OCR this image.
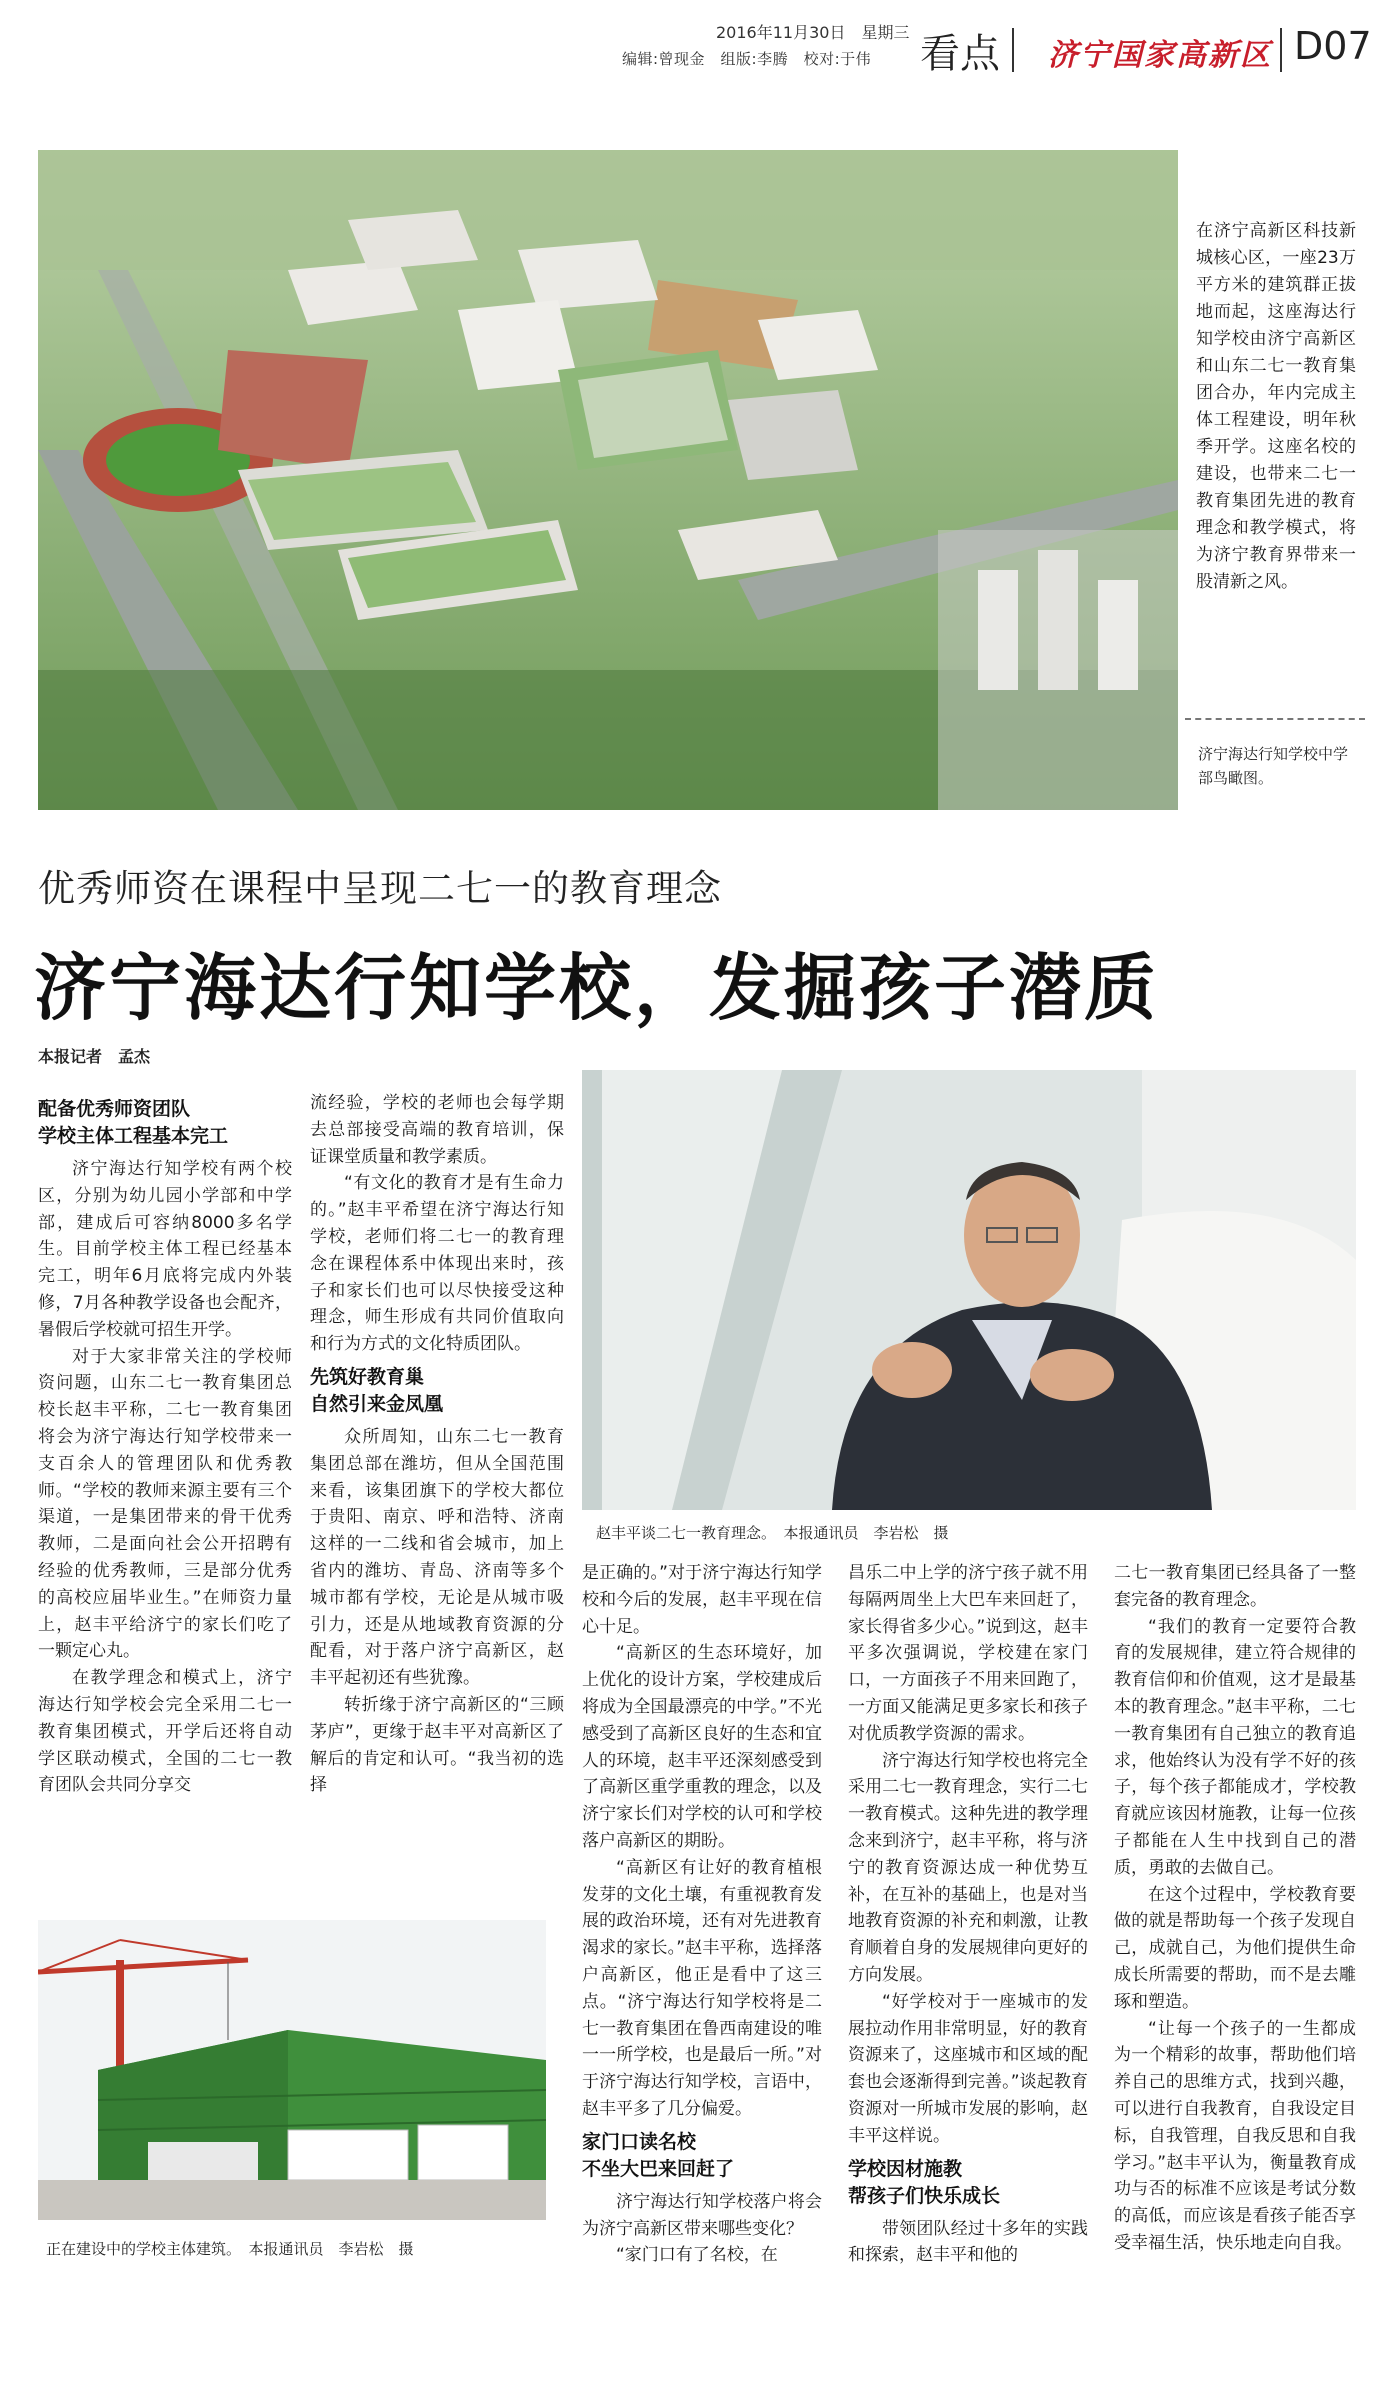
2016年11月30日　星期三
编辑:曾现金　组版:李腾　校对:于伟 看点 济宁国家高新区 D07
在济宁高新区科技新城核心区，一座23万平方米的建筑群正拔地而起，这座海达行知学校由济宁高新区和山东二七一教育集团合办，年内完成主体工程建设，明年秋季开学。这座名校的建设，也带来二七一教育集团先进的教育理念和教学模式，将为济宁教育界带来一股清新之风。
济宁海达行知学校中学部鸟瞰图。
优秀师资在课程中呈现二七一的教育理念
济宁海达行知学校，发掘孩子潜质
本报记者　孟杰
配备优秀师资团队
学校主体工程基本完工

济宁海达行知学校有两个校区，分别为幼儿园小学部和中学部，建成后可容纳8000多名学生。目前学校主体工程已经基本完工，明年6月底将完成内外装修，7月各种教学设备也会配齐，暑假后学校就可招生开学。

对于大家非常关注的学校师资问题，山东二七一教育集团总校长赵丰平称，二七一教育集团将会为济宁海达行知学校带来一支百余人的管理团队和优秀教师。“学校的教师来源主要有三个渠道，一是集团带来的骨干优秀教师，二是面向社会公开招聘有经验的优秀教师，三是部分优秀的高校应届毕业生。”在师资力量上，赵丰平给济宁的家长们吃了一颗定心丸。

在教学理念和模式上，济宁海达行知学校会完全采用二七一教育集团模式，开学后还将自动学区联动模式，全国的二七一教育团队会共同分享交

流经验，学校的老师也会每学期去总部接受高端的教育培训，保证课堂质量和教学素质。

“有文化的教育才是有生命力的。”赵丰平希望在济宁海达行知学校，老师们将二七一的教育理念在课程体系中体现出来时，孩子和家长们也可以尽快接受这种理念，师生形成有共同价值取向和行为方式的文化特质团队。

先筑好教育巢
自然引来金凤凰

众所周知，山东二七一教育集团总部在潍坊，但从全国范围来看，该集团旗下的学校大都位于贵阳、南京、呼和浩特、济南这样的一二线和省会城市，加上省内的潍坊、青岛、济南等多个城市都有学校，无论是从城市吸引力，还是从地域教育资源的分配看，对于落户济宁高新区，赵丰平起初还有些犹豫。

转折缘于济宁高新区的“三顾茅庐”，更缘于赵丰平对高新区了解后的肯定和认可。“我当初的选择

赵丰平谈二七一教育理念。　本报通讯员　李岩松　摄

是正确的。”对于济宁海达行知学校和今后的发展，赵丰平现在信心十足。

“高新区的生态环境好，加上优化的设计方案，学校建成后将成为全国最漂亮的中学。”不光感受到了高新区良好的生态和宜人的环境，赵丰平还深刻感受到了高新区重学重教的理念，以及济宁家长们对学校的认可和学校落户高新区的期盼。

“高新区有让好的教育植根发芽的文化土壤，有重视教育发展的政治环境，还有对先进教育渴求的家长。”赵丰平称，选择落户高新区，他正是看中了这三点。“济宁海达行知学校将是二七一教育集团在鲁西南建设的唯一一所学校，也是最后一所。”对于济宁海达行知学校，言语中，赵丰平多了几分偏爱。

家门口读名校
不坐大巴来回赶了

济宁海达行知学校落户将会为济宁高新区带来哪些变化？

“家门口有了名校，在

昌乐二中上学的济宁孩子就不用每隔两周坐上大巴车来回赶了，家长得省多少心。”说到这，赵丰平多次强调说，学校建在家门口，一方面孩子不用来回跑了，一方面又能满足更多家长和孩子对优质教学资源的需求。

济宁海达行知学校也将完全采用二七一教育理念，实行二七一教育模式。这种先进的教学理念来到济宁，赵丰平称，将与济宁的教育资源达成一种优势互补，在互补的基础上，也是对当地教育资源的补充和刺激，让教育顺着自身的发展规律向更好的方向发展。

“好学校对于一座城市的发展拉动作用非常明显，好的教育资源来了，这座城市和区域的配套也会逐渐得到完善。”谈起教育资源对一所城市发展的影响，赵丰平这样说。

学校因材施教
帮孩子们快乐成长

带领团队经过十多年的实践和探索，赵丰平和他的

二七一教育集团已经具备了一整套完备的教育理念。

“我们的教育一定要符合教育的发展规律，建立符合规律的教育信仰和价值观，这才是最基本的教育理念。”赵丰平称，二七一教育集团有自己独立的教育追求，他始终认为没有学不好的孩子，每个孩子都能成才，学校教育就应该因材施教，让每一位孩子都能在人生中找到自己的潜质，勇敢的去做自己。

在这个过程中，学校教育要做的就是帮助每一个孩子发现自己，成就自己，为他们提供生命成长所需要的帮助，而不是去雕琢和塑造。

“让每一个孩子的一生都成为一个精彩的故事，帮助他们培养自己的思维方式，找到兴趣，可以进行自我教育，自我设定目标，自我管理，自我反思和自我学习。”赵丰平认为，衡量教育成功与否的标准不应该是考试分数的高低，而应该是看孩子能否享受幸福生活，快乐地走向自我。

正在建设中的学校主体建筑。　本报通讯员　李岩松　摄
